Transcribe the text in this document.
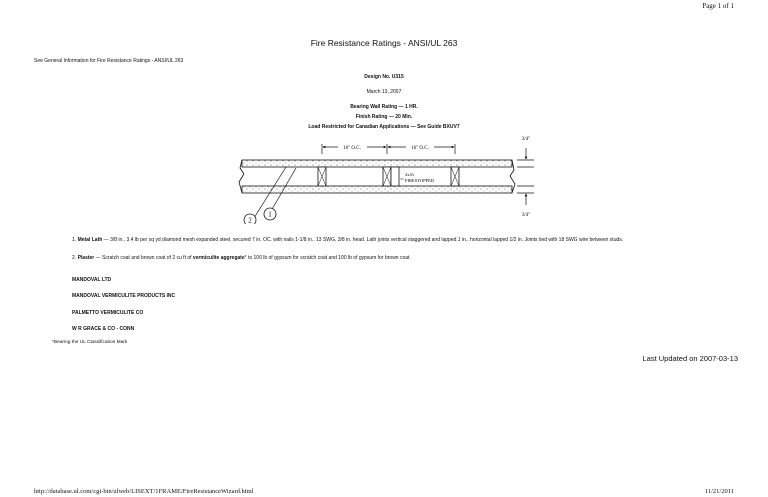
Page 1 of 1
Fire Resistance Ratings - ANSI/UL 263
See General Information for Fire Resistance Ratings - ANSI/UL 263
Design No. U315
March 13, 2007
Bearing Wall Rating — 1 HR.
Finish Rating — 20 Min.
Load Restricted for Canadian Applications — See Guide BXUV7
16" O.C.	16" O.C.
3/4"
3/4"
2x4's
FIRESTOPPED
1
2

1. Metal Lath — 3/8 in., 3.4 lb per sq yd diamond mesh expanded steel, secured 7 in. OC. with nails 1-1/8 in., 13 SWG, 3/8 in. head. Lath joints vertical staggered and lapped 1 in., horizontal lapped 1/2 in. Joints tied with 18 SWG wire between studs.

2. Plaster — Scratch coat and brown coat of 2 cu ft of vermiculite aggregate* to 100 lb of gypsum for scratch coat and 100 lb of gypsum for brown coat.

MANDOVAL LTD
MANDOVAL VERMICULITE PRODUCTS INC
PALMETTO VERMICULITE CO
W R GRACE & CO - CONN
*Bearing the UL Classification Mark
Last Updated on 2007-03-13
http://database.ul.com/cgi-bin/ulweb/LISEXT/1FRAME/FireResistanceWizard.html	11/21/2011
